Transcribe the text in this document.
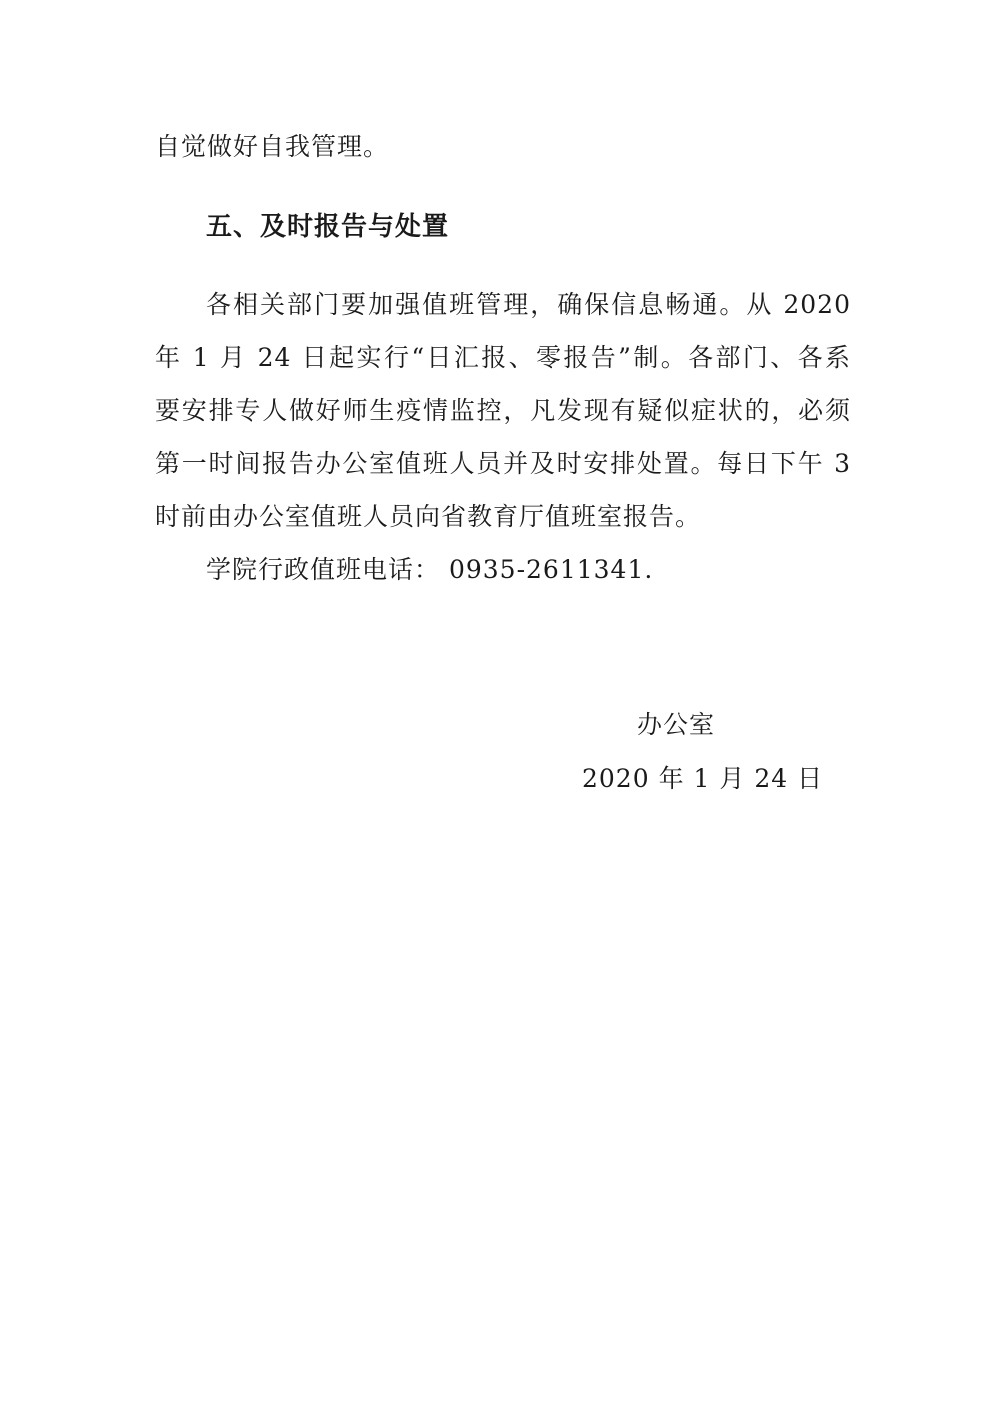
自觉做好自我管理。

五、及时报告与处置

各相关部门要加强值班管理，确保信息畅通。从 2020

年 1 月 24 日起实行“日汇报、零报告”制。各部门、各系

要安排专人做好师生疫情监控，凡发现有疑似症状的，必须

第一时间报告办公室值班人员并及时安排处置。每日下午 3

时前由办公室值班人员向省教育厅值班室报告。

学院行政值班电话： 0935-2611341.

办公室

2020 年 1 月 24 日
